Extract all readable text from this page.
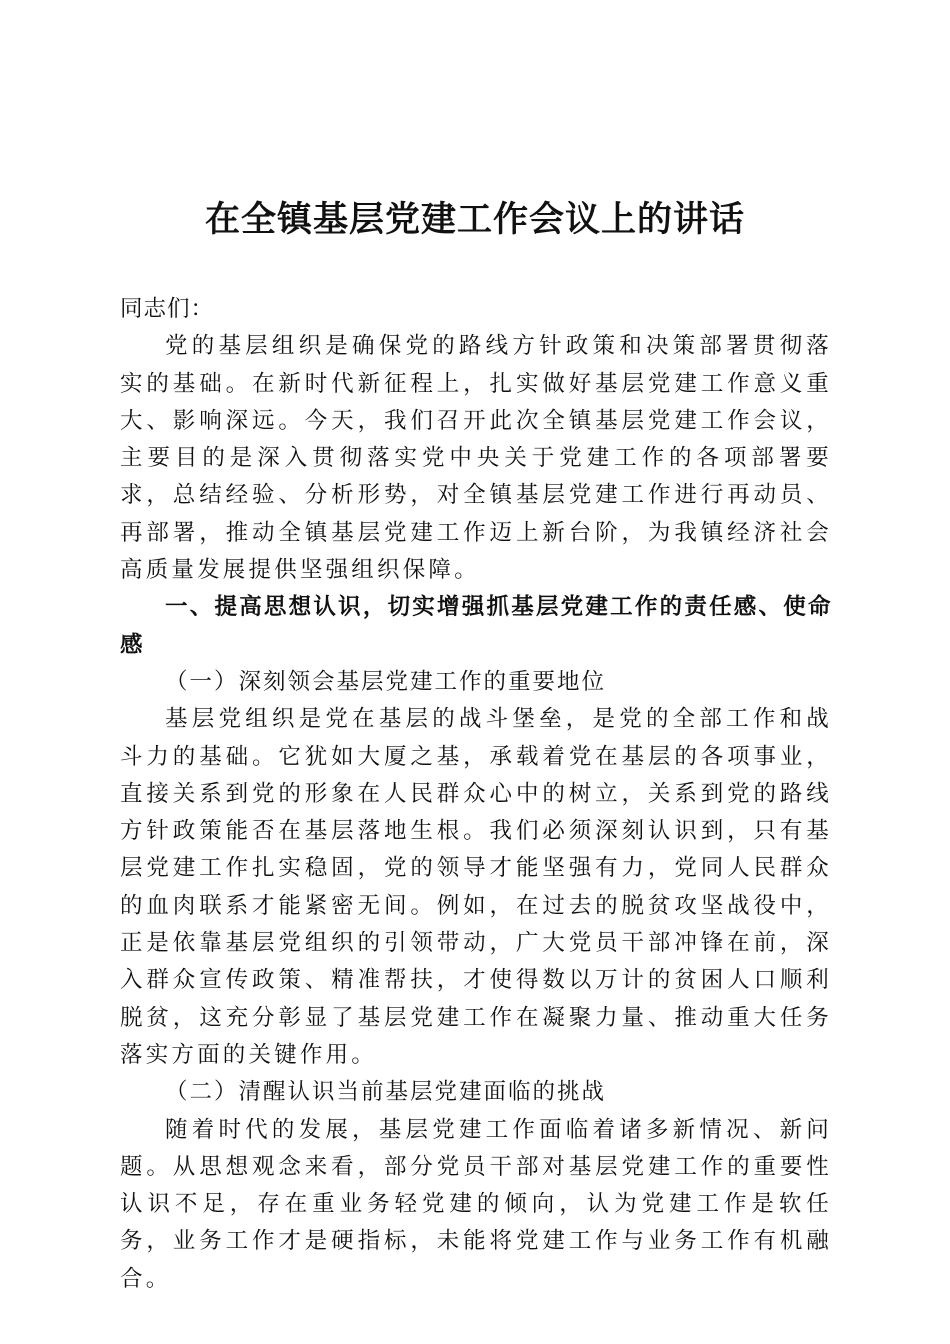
在全镇基层党建工作会议上的讲话

同志们：

党的基层组织是确保党的路线方针政策和决策部署贯彻落实的基础。在新时代新征程上，扎实做好基层党建工作意义重大、影响深远。今天，我们召开此次全镇基层党建工作会议，主要目的是深入贯彻落实党中央关于党建工作的各项部署要求，总结经验、分析形势，对全镇基层党建工作进行再动员、再部署，推动全镇基层党建工作迈上新台阶，为我镇经济社会高质量发展提供坚强组织保障。

一、提高思想认识，切实增强抓基层党建工作的责任感、使命感

（一）深刻领会基层党建工作的重要地位

基层党组织是党在基层的战斗堡垒，是党的全部工作和战斗力的基础。它犹如大厦之基，承载着党在基层的各项事业，直接关系到党的形象在人民群众心中的树立，关系到党的路线方针政策能否在基层落地生根。我们必须深刻认识到，只有基层党建工作扎实稳固，党的领导才能坚强有力，党同人民群众的血肉联系才能紧密无间。例如，在过去的脱贫攻坚战役中，正是依靠基层党组织的引领带动，广大党员干部冲锋在前，深入群众宣传政策、精准帮扶，才使得数以万计的贫困人口顺利脱贫，这充分彰显了基层党建工作在凝聚力量、推动重大任务落实方面的关键作用。

（二）清醒认识当前基层党建面临的挑战

随着时代的发展，基层党建工作面临着诸多新情况、新问题。从思想观念来看，部分党员干部对基层党建工作的重要性认识不足，存在重业务轻党建的倾向，认为党建工作是软任务，业务工作才是硬指标，未能将党建工作与业务工作有机融合。
